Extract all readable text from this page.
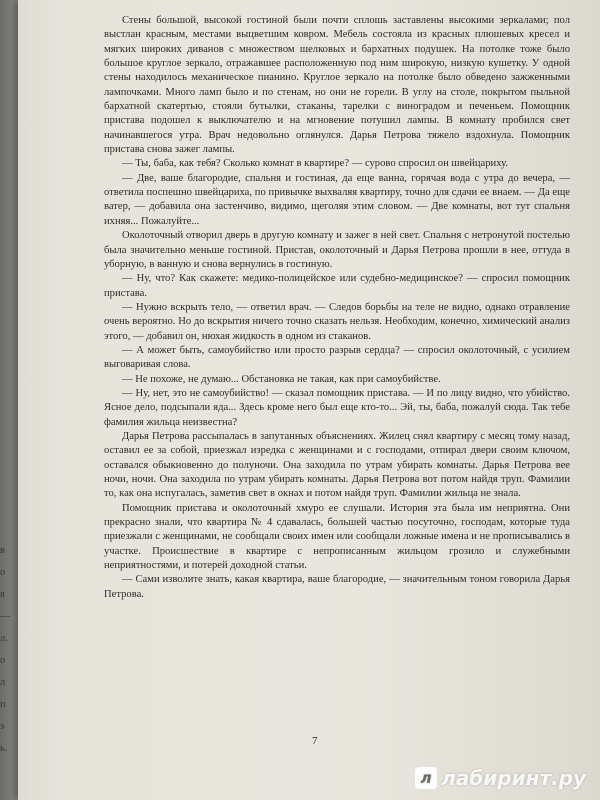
в
о
я
—
л.
о
л
п
з
ь.

Стены большой, высокой гостиной были почти сплошь заставлены высокими зеркалами; пол выстлан красным, местами выцветшим ковром. Мебель состояла из красных плюшевых кресел и мягких широких диванов с множеством шелковых и бархатных подушек. На потолке тоже было большое круглое зеркало, отражавшее расположенную под ним широкую, низкую кушетку. У одной стены находилось механическое пианино. Круглое зеркало на потолке было обведено зажженными лампочками. Много ламп было и по стенам, но они не горели. В углу на столе, покрытом пыльной бархатной скатертью, стояли бутылки, стаканы, тарелки с виноградом и печеньем. Помощник пристава подошел к выключателю и на мгновение потушил лампы. В комнату пробился свет начинавшегося утра. Врач недовольно оглянулся. Дарья Петрова тяжело вздохнула. Помощник пристава снова зажег лампы.

— Ты, баба, как тебя? Сколько комнат в квартире? — сурово спросил он швейцариху.

— Две, ваше благородие, спальня и гостиная, да еще ванна, горячая вода с утра до вечера, — ответила поспешно швейцариха, по привычке выхваляя квартиру, точно для сдачи ее внаем. — Да еще ватер, — добавила она застенчиво, видимо, щеголяя этим словом. — Две комнаты, вот тут спальня ихняя... Пожалуйте...

Околоточный отворил дверь в другую комнату и зажег в ней свет. Спальня с нетронутой постелью была значительно меньше гостиной. Пристав, околоточный и Дарья Петрова прошли в нее, оттуда в уборную, в ванную и снова вернулись в гостиную.

— Ну, что? Как скажете: медико-полицейское или судебно-медицинское? — спросил помощник пристава.

— Нужно вскрыть тело, — ответил врач. — Следов борьбы на теле не видно, однако отравление очень вероятно. Но до вскрытия ничего точно сказать нельзя. Необходим, конечно, химический анализ этого, — добавил он, нюхая жидкость в одном из стаканов.

— А может быть, самоубийство или просто разрыв сердца? — спросил околоточный, с усилием выговаривая слова.

— Не похоже, не думаю... Обстановка не такая, как при самоубийстве.

— Ну, нет, это не самоубийство! — сказал помощник пристава. — И по лицу видно, что убийство. Ясное дело, подсыпали яда... Здесь кроме него был еще кто-то... Эй, ты, баба, пожалуй сюда. Так тебе фамилия жильца неизвестна?

Дарья Петрова рассыпалась в запутанных объяснениях. Жилец снял квартиру с месяц тому назад, оставил ее за собой, приезжал изредка с женщинами и с господами, отпирал двери своим ключом, оставался обыкновенно до полуночи. Она заходила по утрам убирать комнаты. Дарья Петрова вее ночи, ночи. Она заходила по утрам убирать комнаты. Дарья Петрова вот потом найдя труп. Фамилии то, как она испугалась, заметив свет в окнах и потом найдя труп. Фамилии жильца не знала.

Помощник пристава и околоточный хмуро ее слушали. История эта была им неприятна. Они прекрасно знали, что квартира № 4 сдавалась, большей частью посуточно, господам, которые туда приезжали с женщинами, не сообщали своих имен или сообщали ложные имена и не прописывались в участке. Происшествие в квартире с непрописанным жильцом грозило и служебными неприятностями, и потерей доходной статьи.

— Сами изволите знать, какая квартира, ваше благородие, — значительным тоном говорила Дарья Петрова.

7
л лабиринт.ру
